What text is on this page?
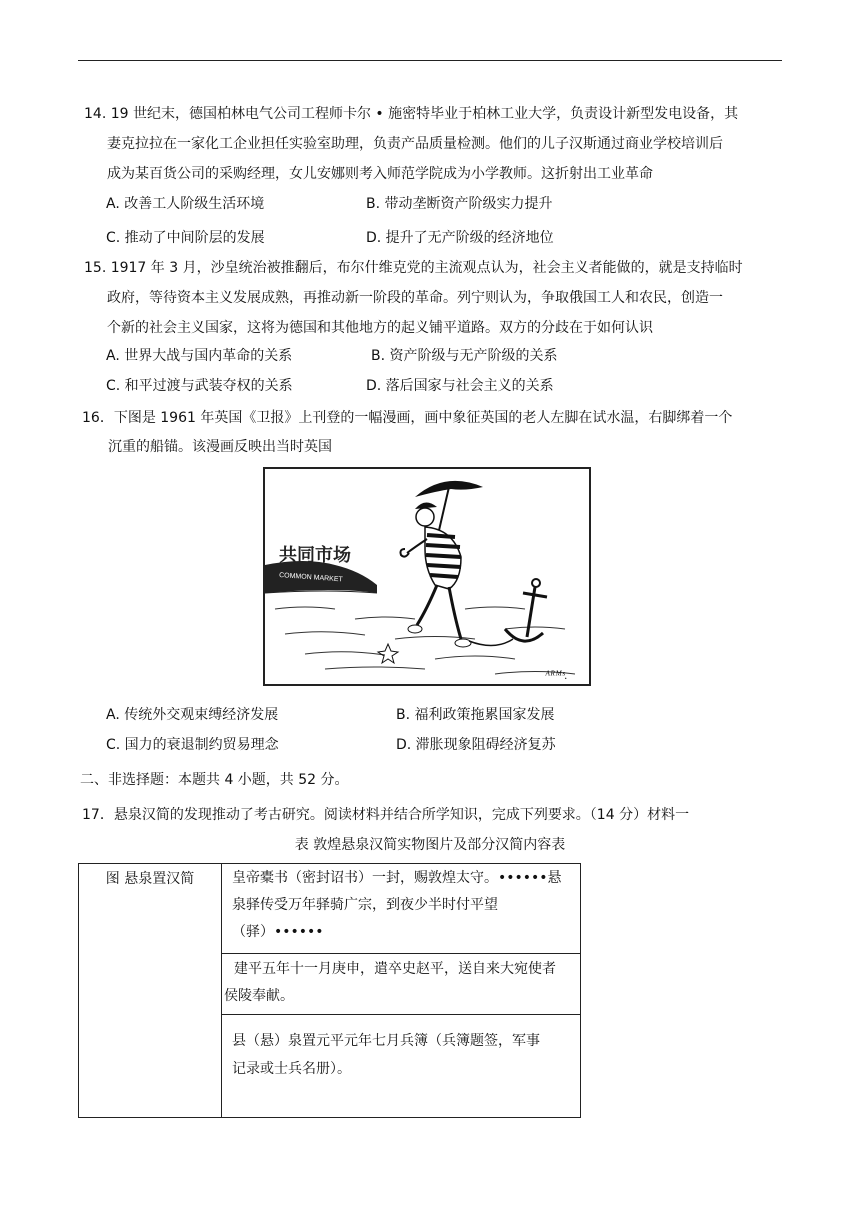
14. 19 世纪末，德国柏林电气公司工程师卡尔 • 施密特毕业于柏林工业大学，负责设计新型发电设备，其
妻克拉拉在一家化工企业担任实验室助理，负责产品质量检测。他们的儿子汉斯通过商业学校培训后
成为某百货公司的采购经理，女儿安娜则考入师范学院成为小学教师。这折射出工业革命
A. 改善工人阶级生活环境	B. 带动垄断资产阶级实力提升
C. 推动了中间阶层的发展	D. 提升了无产阶级的经济地位
15. 1917 年 3 月，沙皇统治被推翻后，布尔什维克党的主流观点认为，社会主义者能做的，就是支持临时
政府，等待资本主义发展成熟，再推动新一阶段的革命。列宁则认为，争取俄国工人和农民，创造一
个新的社会主义国家，这将为德国和其他地方的起义铺平道路。双方的分歧在于如何认识
A. 世界大战与国内革命的关系	B. 资产阶级与无产阶级的关系
C. 和平过渡与武装夺权的关系	D. 落后国家与社会主义的关系
16．下图是 1961 年英国《卫报》上刊登的一幅漫画，画中象征英国的老人左脚在试水温，右脚绑着一个
沉重的船锚。该漫画反映出当时英国
共同市场
COMMON MARKET
ᴬᴿᴹˢ.
A. 传统外交观束缚经济发展	B. 福利政策拖累国家发展
C. 国力的衰退制约贸易理念	D. 滞胀现象阻碍经济复苏
二、非选择题：本题共 4 小题，共 52 分。
17．悬泉汉简的发现推动了考古研究。阅读材料并结合所学知识，完成下列要求。（14 分）材料一
表 敦煌悬泉汉简实物图片及部分汉简内容表
图 悬泉置汉简	皇帝橐书（密封诏书）一封，赐敦煌太守。••••••悬
泉驿传受万年驿骑广宗，到夜少半时付平望
（驿）••••••

建平五年十一月庚申，遣卒史赵平，送自来大宛使者
侯陵奉献。

县（悬）泉置元平元年七月兵簿（兵簿题签，军事
记录或士兵名册）。
